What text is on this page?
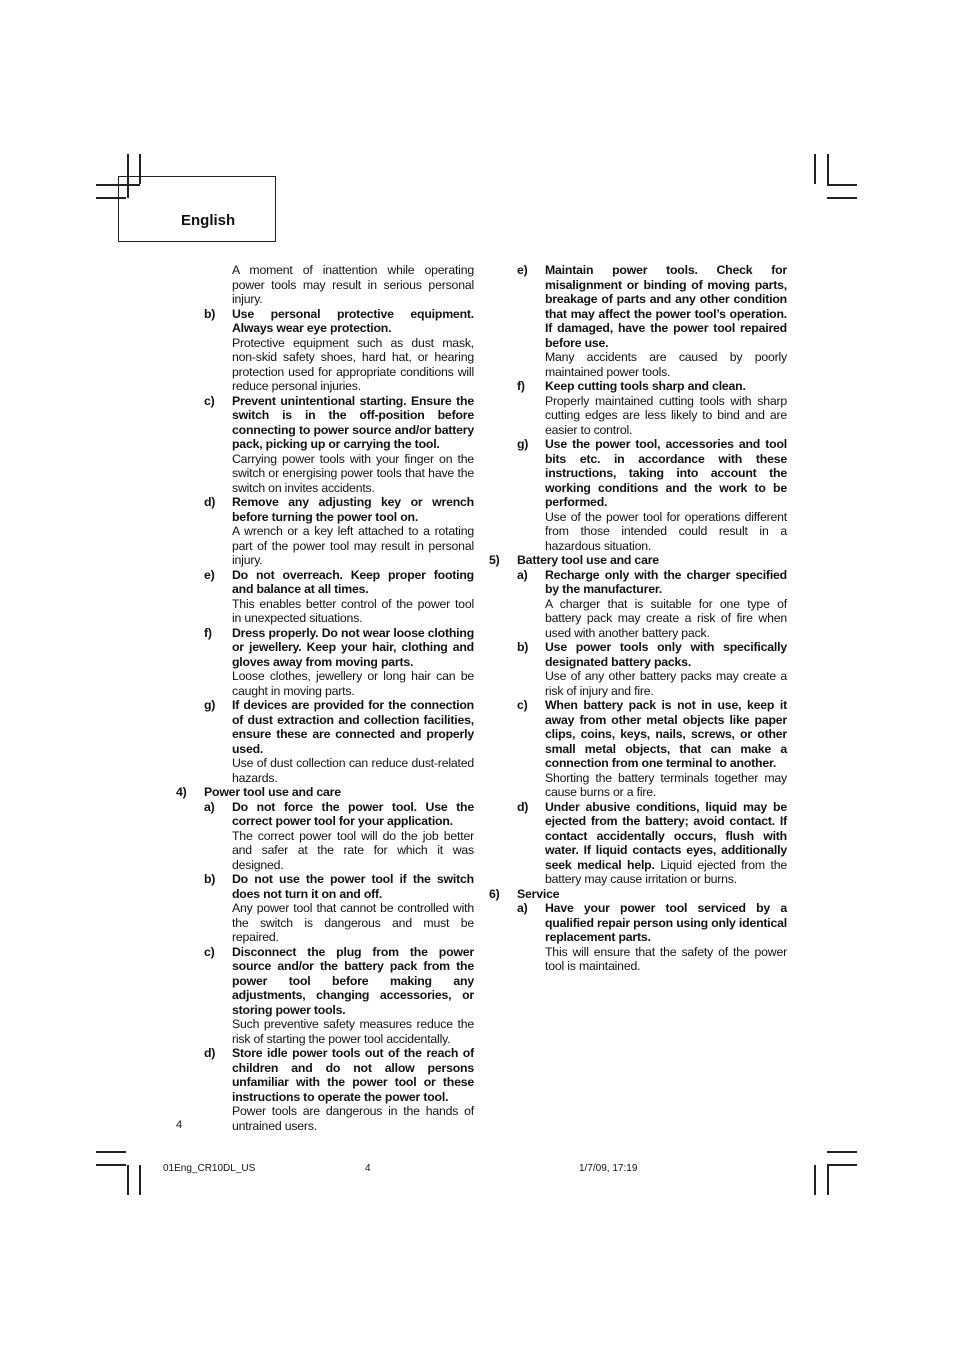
English
A moment of inattention while operating power tools may result in serious personal injury.
b) Use personal protective equipment. Always wear eye protection.
Protective equipment such as dust mask, non-skid safety shoes, hard hat, or hearing protection used for appropriate conditions will reduce personal injuries.
c) Prevent unintentional starting. Ensure the switch is in the off-position before connecting to power source and/or battery pack, picking up or carrying the tool.
Carrying power tools with your finger on the switch or energising power tools that have the switch on invites accidents.
d) Remove any adjusting key or wrench before turning the power tool on.
A wrench or a key left attached to a rotating part of the power tool may result in personal injury.
e) Do not overreach. Keep proper footing and balance at all times.
This enables better control of the power tool in unexpected situations.
f) Dress properly. Do not wear loose clothing or jewellery. Keep your hair, clothing and gloves away from moving parts.
Loose clothes, jewellery or long hair can be caught in moving parts.
g) If devices are provided for the connection of dust extraction and collection facilities, ensure these are connected and properly used.
Use of dust collection can reduce dust-related hazards.
4) Power tool use and care
a) Do not force the power tool. Use the correct power tool for your application.
The correct power tool will do the job better and safer at the rate for which it was designed.
b) Do not use the power tool if the switch does not turn it on and off.
Any power tool that cannot be controlled with the switch is dangerous and must be repaired.
c) Disconnect the plug from the power source and/or the battery pack from the power tool before making any adjustments, changing accessories, or storing power tools.
Such preventive safety measures reduce the risk of starting the power tool accidentally.
d) Store idle power tools out of the reach of children and do not allow persons unfamiliar with the power tool or these instructions to operate the power tool.
Power tools are dangerous in the hands of untrained users.
e) Maintain power tools. Check for misalignment or binding of moving parts, breakage of parts and any other condition that may affect the power tool’s operation. If damaged, have the power tool repaired before use.
Many accidents are caused by poorly maintained power tools.
f) Keep cutting tools sharp and clean.
Properly maintained cutting tools with sharp cutting edges are less likely to bind and are easier to control.
g) Use the power tool, accessories and tool bits etc. in accordance with these instructions, taking into account the working conditions and the work to be performed.
Use of the power tool for operations different from those intended could result in a hazardous situation.
5) Battery tool use and care
a) Recharge only with the charger specified by the manufacturer.
A charger that is suitable for one type of battery pack may create a risk of fire when used with another battery pack.
b) Use power tools only with specifically designated battery packs.
Use of any other battery packs may create a risk of injury and fire.
c) When battery pack is not in use, keep it away from other metal objects like paper clips, coins, keys, nails, screws, or other small metal objects, that can make a connection from one terminal to another.
Shorting the battery terminals together may cause burns or a fire.
d) Under abusive conditions, liquid may be ejected from the battery; avoid contact. If contact accidentally occurs, flush with water. If liquid contacts eyes, additionally seek medical help. Liquid ejected from the battery may cause irritation or burns.
6) Service
a) Have your power tool serviced by a qualified repair person using only identical replacement parts.
This will ensure that the safety of the power tool is maintained.
4
01Eng_CR10DL_US	4	1/7/09, 17:19
